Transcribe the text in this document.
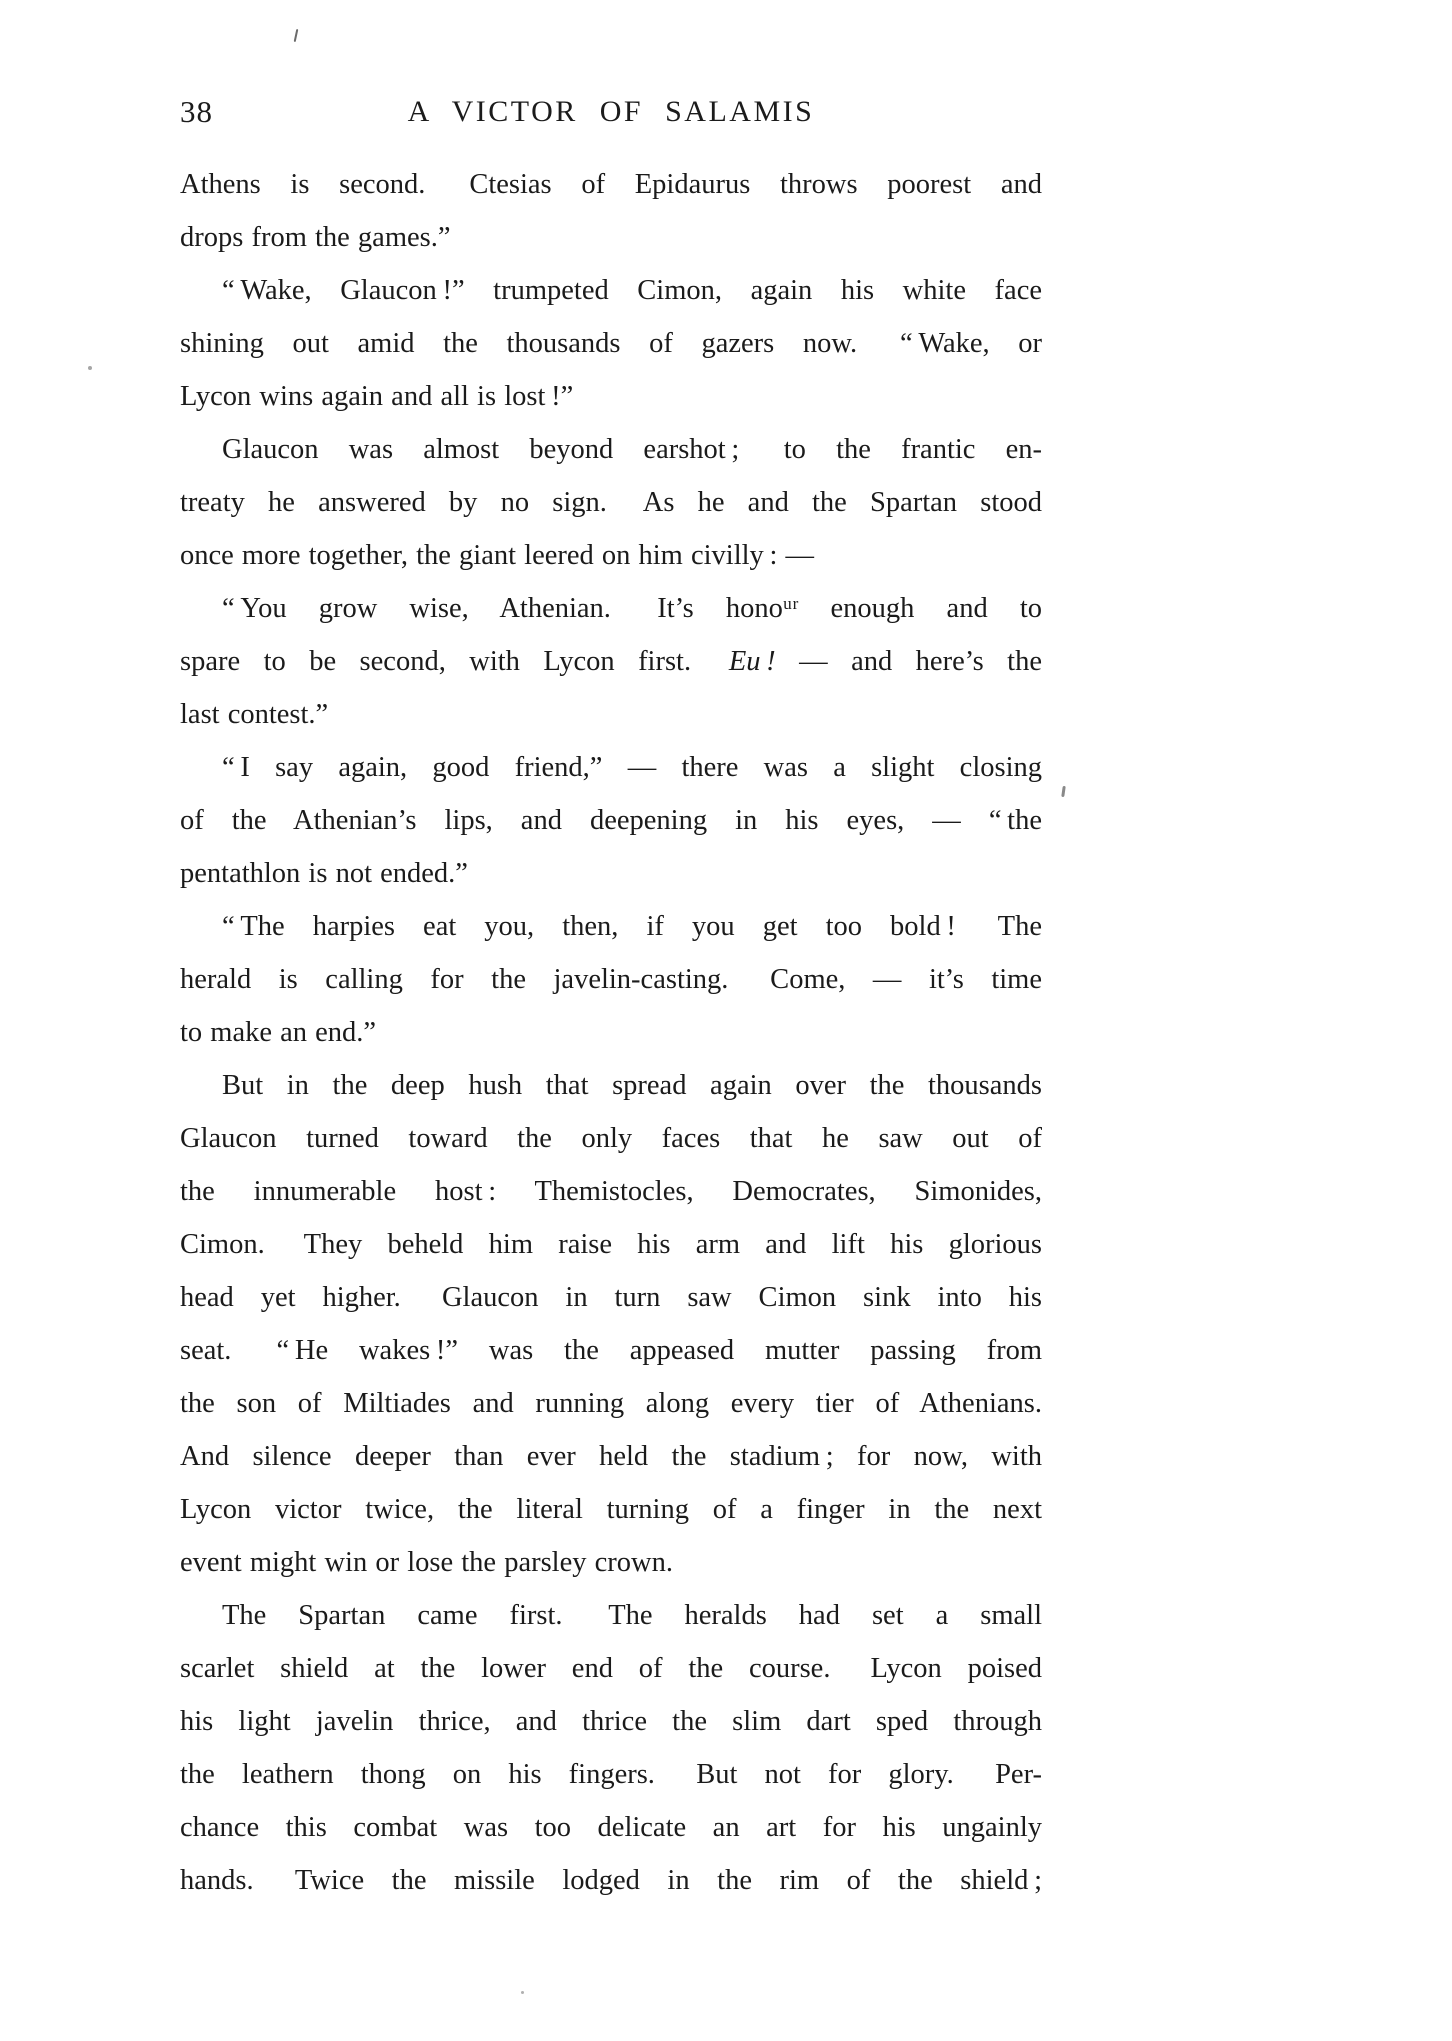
38	A VICTOR OF SALAMIS
Athens is second.  Ctesias of Epidaurus throws poorest and
drops from the games.”
“ Wake, Glaucon !” trumpeted Cimon, again his white face
shining out amid the thousands of gazers now.  “ Wake, or
Lycon wins again and all is lost !”
Glaucon was almost beyond earshot ;  to the frantic en-
treaty he answered by no sign.  As he and the Spartan stood
once more together, the giant leered on him civilly : —
“ You grow wise, Athenian.  It’s honoᵘʳ enough and to
spare to be second, with Lycon first.  Eu ! — and here’s the
last contest.”
“ I say again, good friend,” — there was a slight closing
of the Athenian’s lips, and deepening in his eyes, — “ the
pentathlon is not ended.”
“ The harpies eat you, then, if you get too bold !  The
herald is calling for the javelin-casting.  Come, — it’s time
to make an end.”
But in the deep hush that spread again over the thousands
Glaucon turned toward the only faces that he saw out of
the innumerable host : Themistocles, Democrates, Simonides,
Cimon.  They beheld him raise his arm and lift his glorious
head yet higher.  Glaucon in turn saw Cimon sink into his
seat.  “ He wakes !” was the appeased mutter passing from
the son of Miltiades and running along every tier of Athenians.
And silence deeper than ever held the stadium ; for now, with
Lycon victor twice, the literal turning of a finger in the next
event might win or lose the parsley crown.
The Spartan came first.  The heralds had set a small
scarlet shield at the lower end of the course.  Lycon poised
his light javelin thrice, and thrice the slim dart sped through
the leathern thong on his fingers.  But not for glory.  Per-
chance this combat was too delicate an art for his ungainly
hands.  Twice the missile lodged in the rim of the shield ;
